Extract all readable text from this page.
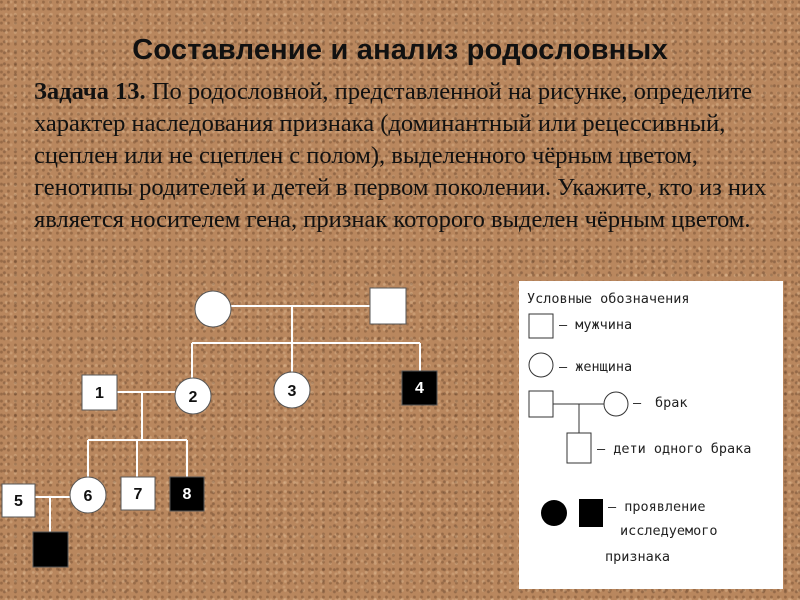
Составление и анализ родословных
Задача 13. По родословной, представленной на рисунке, определите характер наследования признака (доминантный или рецессивный, сцеплен или не сцеплен с полом), выделенного чёрным цветом, генотипы родителей и детей в первом поколении. Укажите, кто из них является носителем гена, признак которого выделен чёрным цветом.
1	2	3	4
5	6	7	8
Условные обозначения
– мужчина
– женщина
брак
–
– дети одного брака
– проявление
исследуемого
признака
